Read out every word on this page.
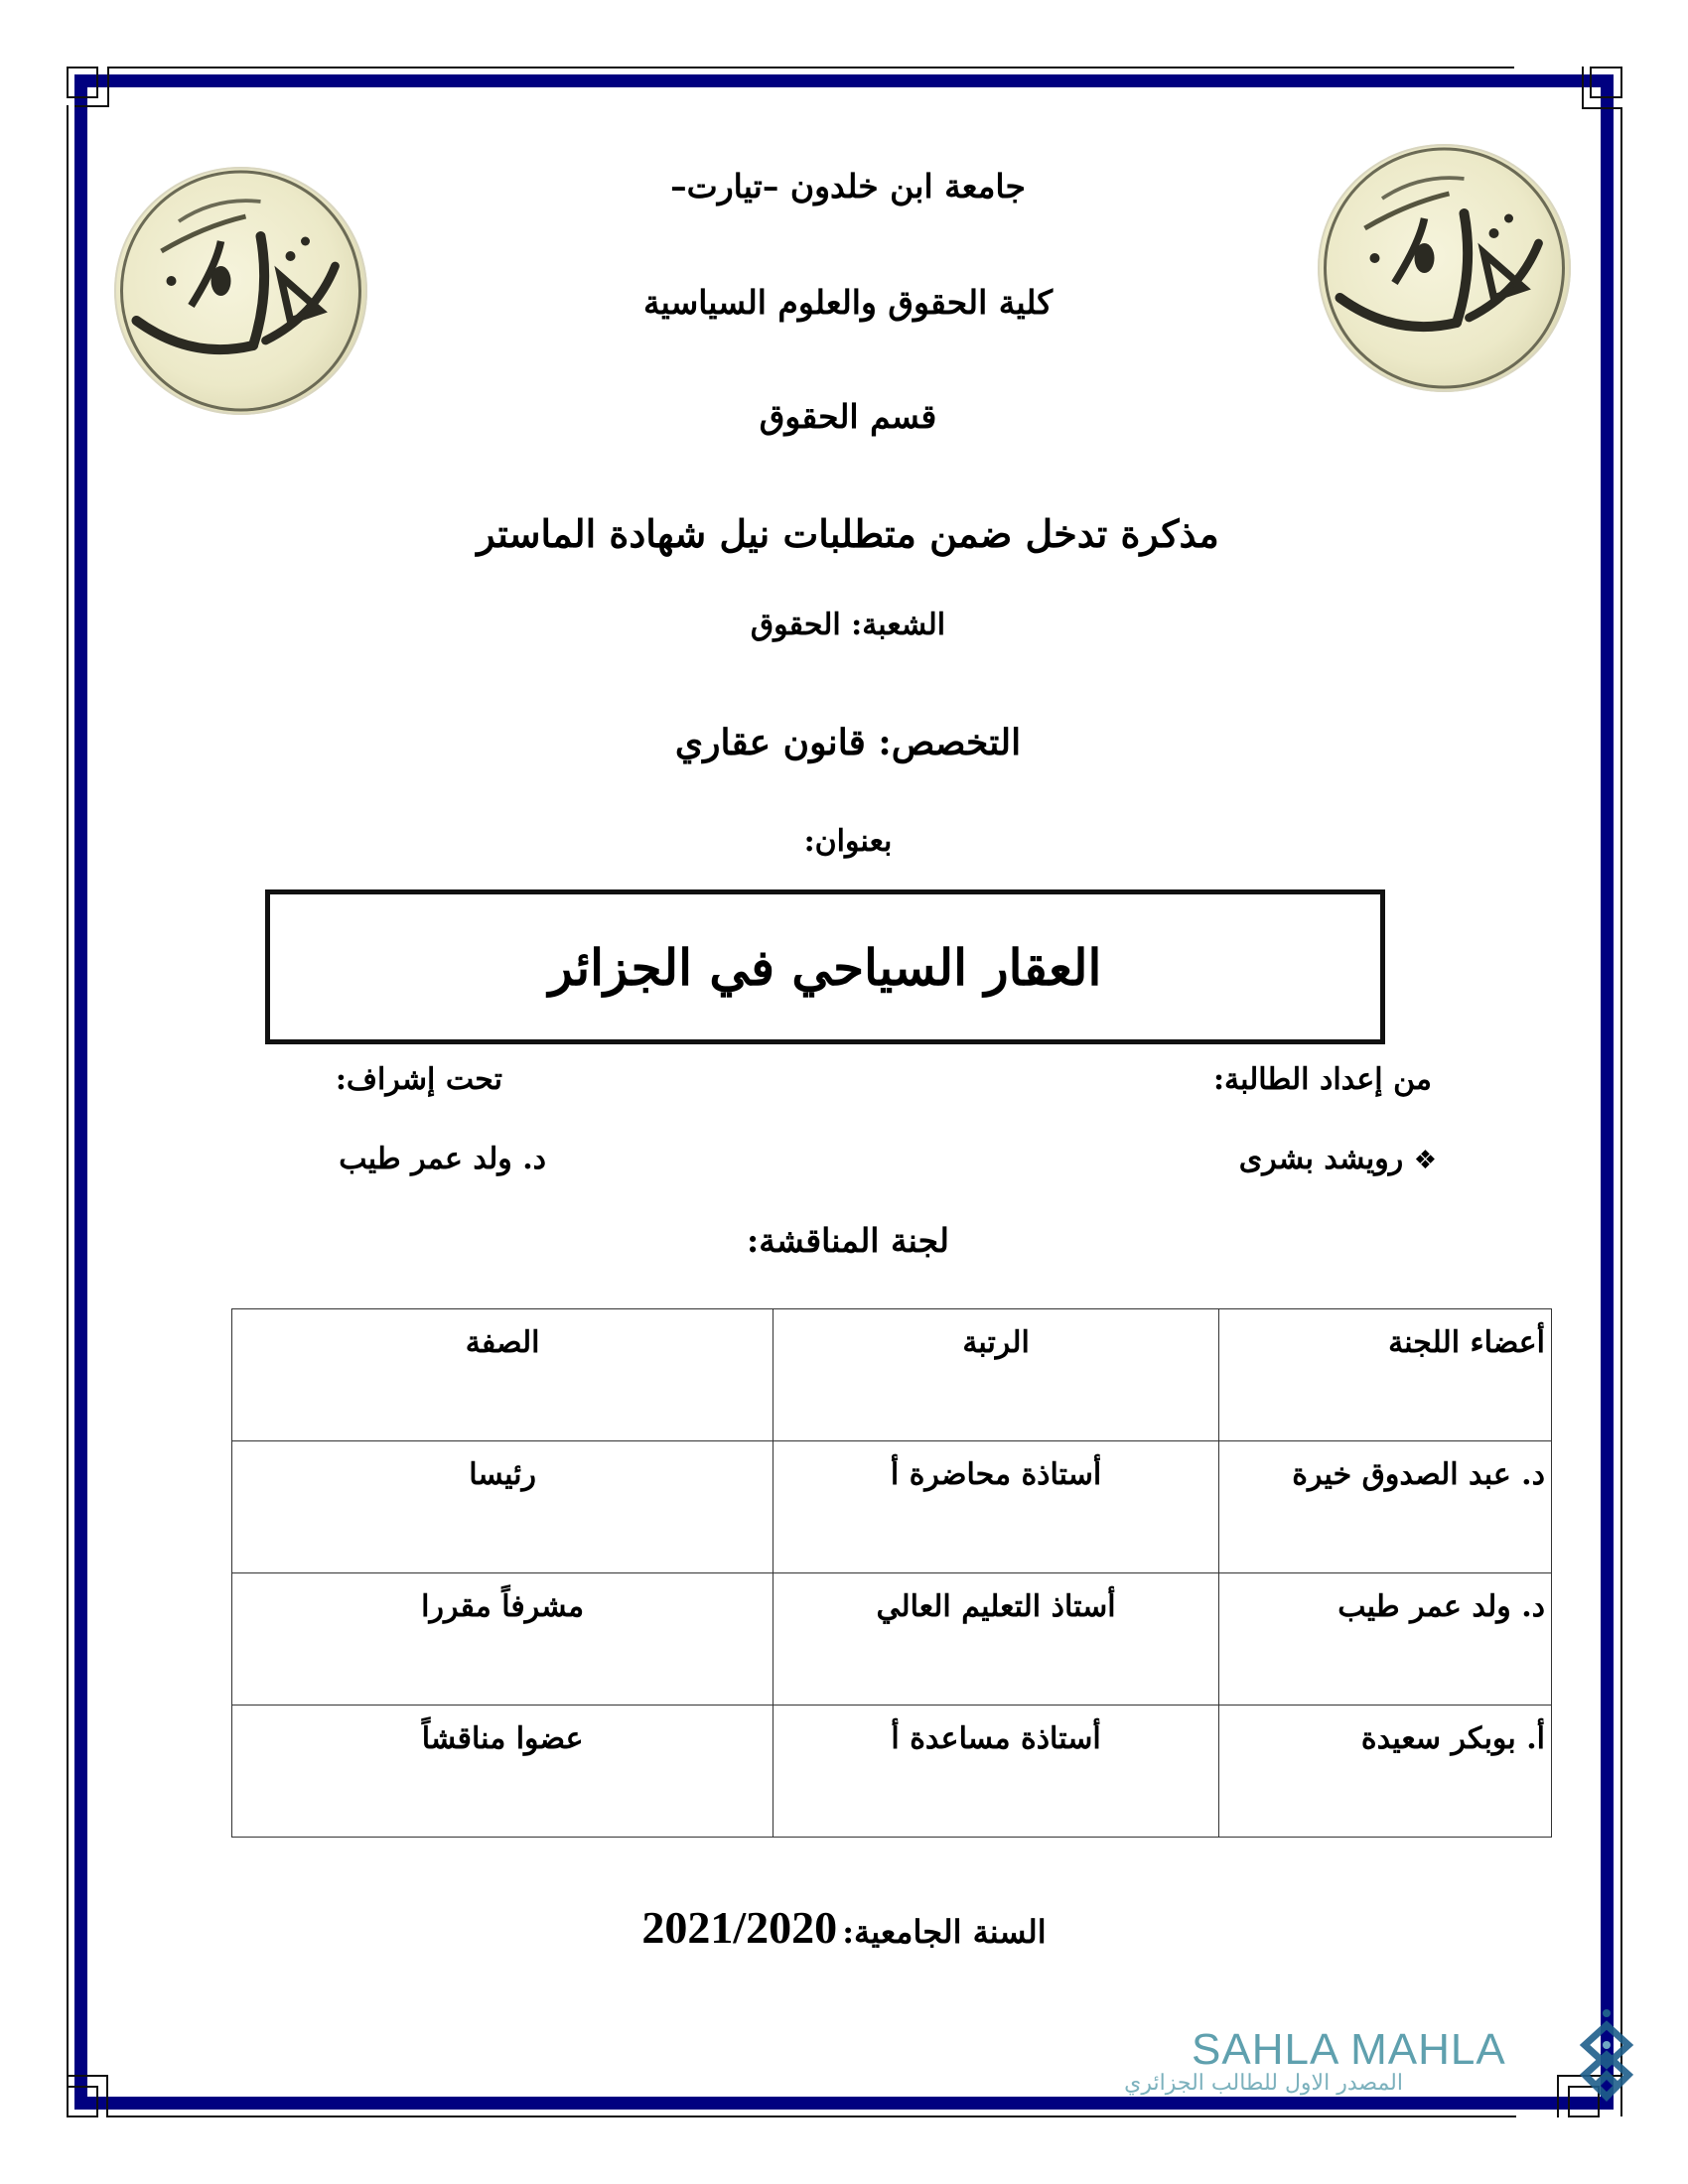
جامعة ابن خلدون –تيارت–
كلية الحقوق والعلوم السياسية
قسم الحقوق
مذكرة تدخل ضمن متطلبات نيل شهادة الماستر
الشعبة: الحقوق
التخصص: قانون عقاري
بعنوان:
العقار السياحي في الجزائر
من إعداد الطالبة:
تحت إشراف:
❖ رويشد بشرى
د. ولد عمر طيب
لجنة المناقشة:
أعضاء اللجنة	الرتبة	الصفة
د. عبد الصدوق خيرة	أستاذة محاضرة أ	رئيسا
د. ولد عمر طيب	أستاذ التعليم العالي	مشرفاً مقررا
أ. بوبكر سعيدة	أستاذة مساعدة أ	عضوا مناقشاً
2021/2020 السنة الجامعية:
SAHLA MAHLA
المصدر الاول للطالب الجزائري
